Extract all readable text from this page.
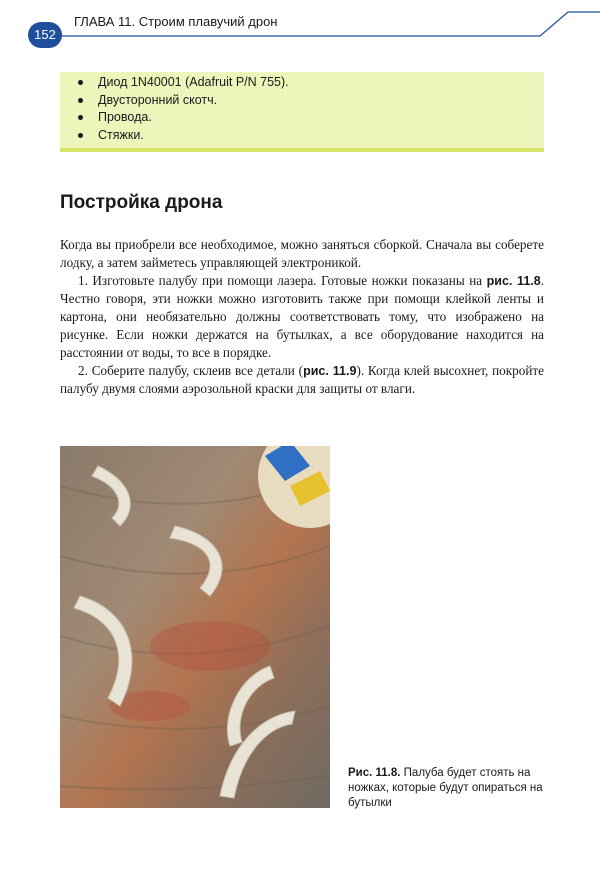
152
ГЛАВА 11. Строим плавучий дрон
Диод 1N40001 (Adafruit P/N 755).
Двусторонний скотч.
Провода.
Стяжки.
Постройка дрона

Когда вы приобрели все необходимое, можно заняться сборкой. Сначала вы соберете лодку, а затем займетесь управляющей электроникой.

1. Изготовьте палубу при помощи лазера. Готовые ножки показаны на рис. 11.8. Честно говоря, эти ножки можно изготовить также при помощи клейкой ленты и картона, они необязательно должны соответствовать тому, что изображено на рисунке. Если ножки держатся на бутылках, а все оборудование находится на расстоянии от воды, то все в порядке.

2. Соберите палубу, склеив все детали (рис. 11.9). Когда клей высохнет, покройте палубу двумя слоями аэрозольной краски для защиты от влаги.

Рис. 11.8. Палуба будет стоять на ножках, которые будут опираться на бутылки
